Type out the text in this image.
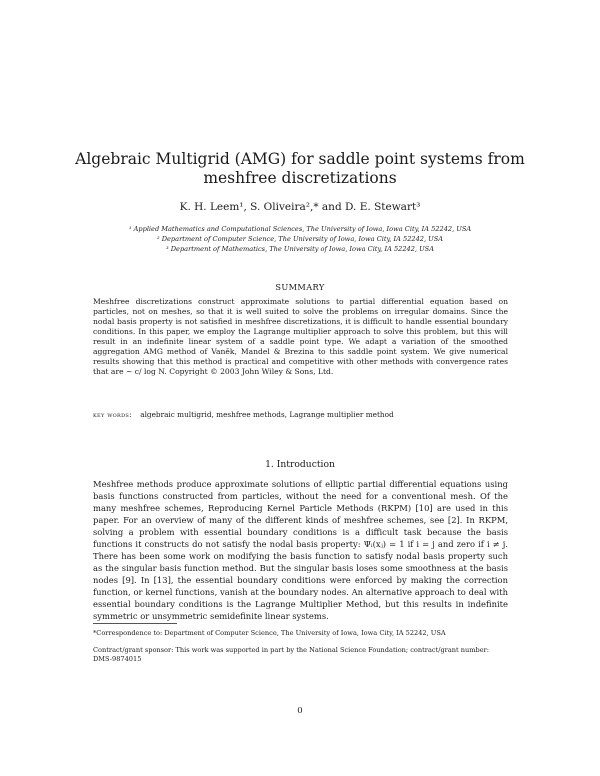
Algebraic Multigrid (AMG) for saddle point systems from
meshfree discretizations
K. H. Leem¹, S. Oliveira²,* and D. E. Stewart³
¹ Applied Mathematics and Computational Sciences, The University of Iowa, Iowa City, IA 52242, USA
² Department of Computer Science, The University of Iowa, Iowa City, IA 52242, USA
³ Department of Mathematics, The University of Iowa, Iowa City, IA 52242, USA
SUMMARY

Meshfree discretizations construct approximate solutions to partial differential equation based on particles, not on meshes, so that it is well suited to solve the problems on irregular domains. Since the nodal basis property is not satisfied in meshfree discretizations, it is difficult to handle essential boundary conditions. In this paper, we employ the Lagrange multiplier approach to solve this problem, but this will result in an indefinite linear system of a saddle point type. We adapt a variation of the smoothed aggregation AMG method of Vaněk, Mandel & Brezina to this saddle point system. We give numerical results showing that this method is practical and competitive with other methods with convergence rates that are ∼ c/ log N. Copyright © 2003 John Wiley & Sons, Ltd.

key words: algebraic multigrid, meshfree methods, Lagrange multiplier method
1. Introduction

Meshfree methods produce approximate solutions of elliptic partial differential equations using basis functions constructed from particles, without the need for a conventional mesh. Of the many meshfree schemes, Reproducing Kernel Particle Methods (RKPM) [10] are used in this paper. For an overview of many of the different kinds of meshfree schemes, see [2]. In RKPM, solving a problem with essential boundary conditions is a difficult task because the basis functions it constructs do not satisfy the nodal basis property: Ψᵢ(xⱼ) = 1 if i = j and zero if i ≠ j. There has been some work on modifying the basis function to satisfy nodal basis property such as the singular basis function method. But the singular basis loses some smoothness at the basis nodes [9]. In [13], the essential boundary conditions were enforced by making the correction function, or kernel functions, vanish at the boundary nodes. An alternative approach to deal with essential boundary conditions is the Lagrange Multiplier Method, but this results in indefinite symmetric or unsymmetric semidefinite linear systems.

*Correspondence to: Department of Computer Science, The University of Iowa, Iowa City, IA 52242, USA
Contract/grant sponsor: This work was supported in part by the National Science Foundation; contract/grant number: DMS-9874015
0
